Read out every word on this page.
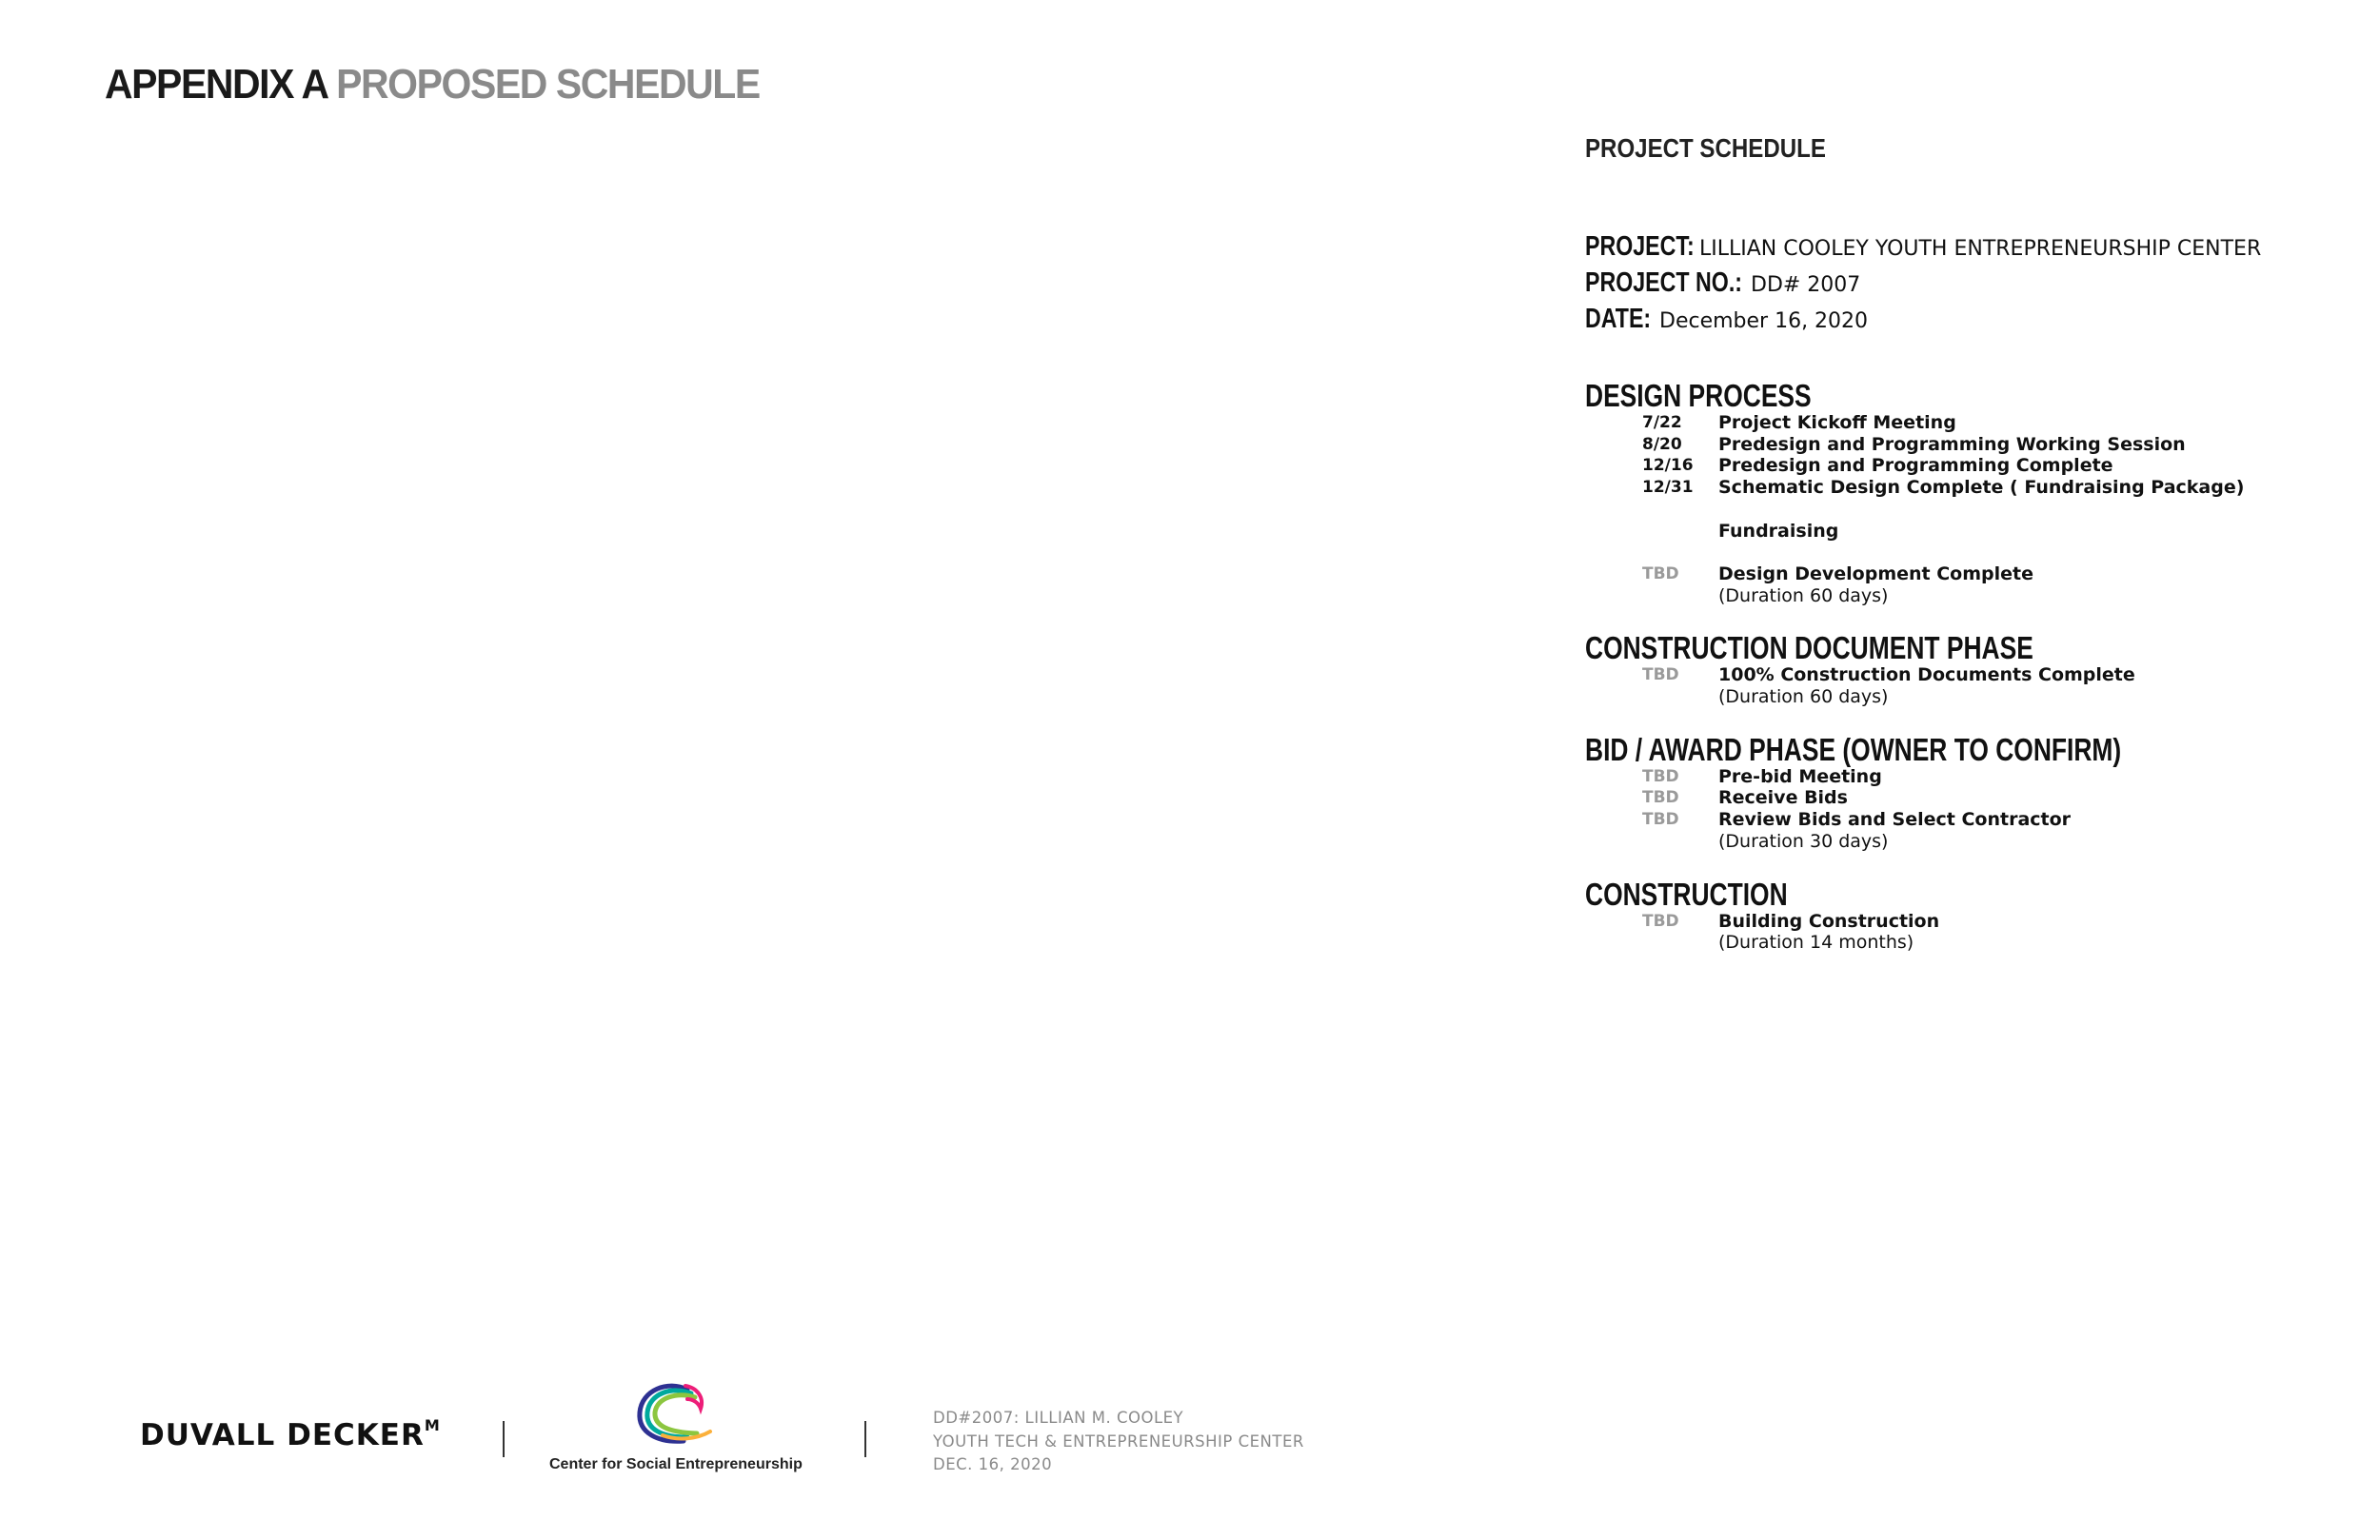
APPENDIX A PROPOSED SCHEDULE
PROJECT SCHEDULE
PROJECT: LILLIAN COOLEY YOUTH ENTREPRENEURSHIP CENTER
PROJECT NO.: DD# 2007
DATE: December 16, 2020
DESIGN PROCESS
7/22	Project Kickoff Meeting
8/20	Predesign and Programming Working Session
12/16	Predesign and Programming Complete
12/31	Schematic Design Complete ( Fundraising Package)

Fundraising

TBD	Design Development Complete
(Duration 60 days)
CONSTRUCTION DOCUMENT PHASE
TBD	100% Construction Documents Complete
(Duration 60 days)
BID / AWARD PHASE (OWNER TO CONFIRM)
TBD	Pre-bid Meeting
TBD	Receive Bids
TBD	Review Bids and Select Contractor
(Duration 30 days)
CONSTRUCTION
TBD	Building Construction
(Duration 14 months)
DUVALL $DECKER^M$
Center for Social Entrepreneurship
DD#2007: LILLIAN M. COOLEY
YOUTH TECH & ENTREPRENEURSHIP CENTER
DEC. 16, 2020
